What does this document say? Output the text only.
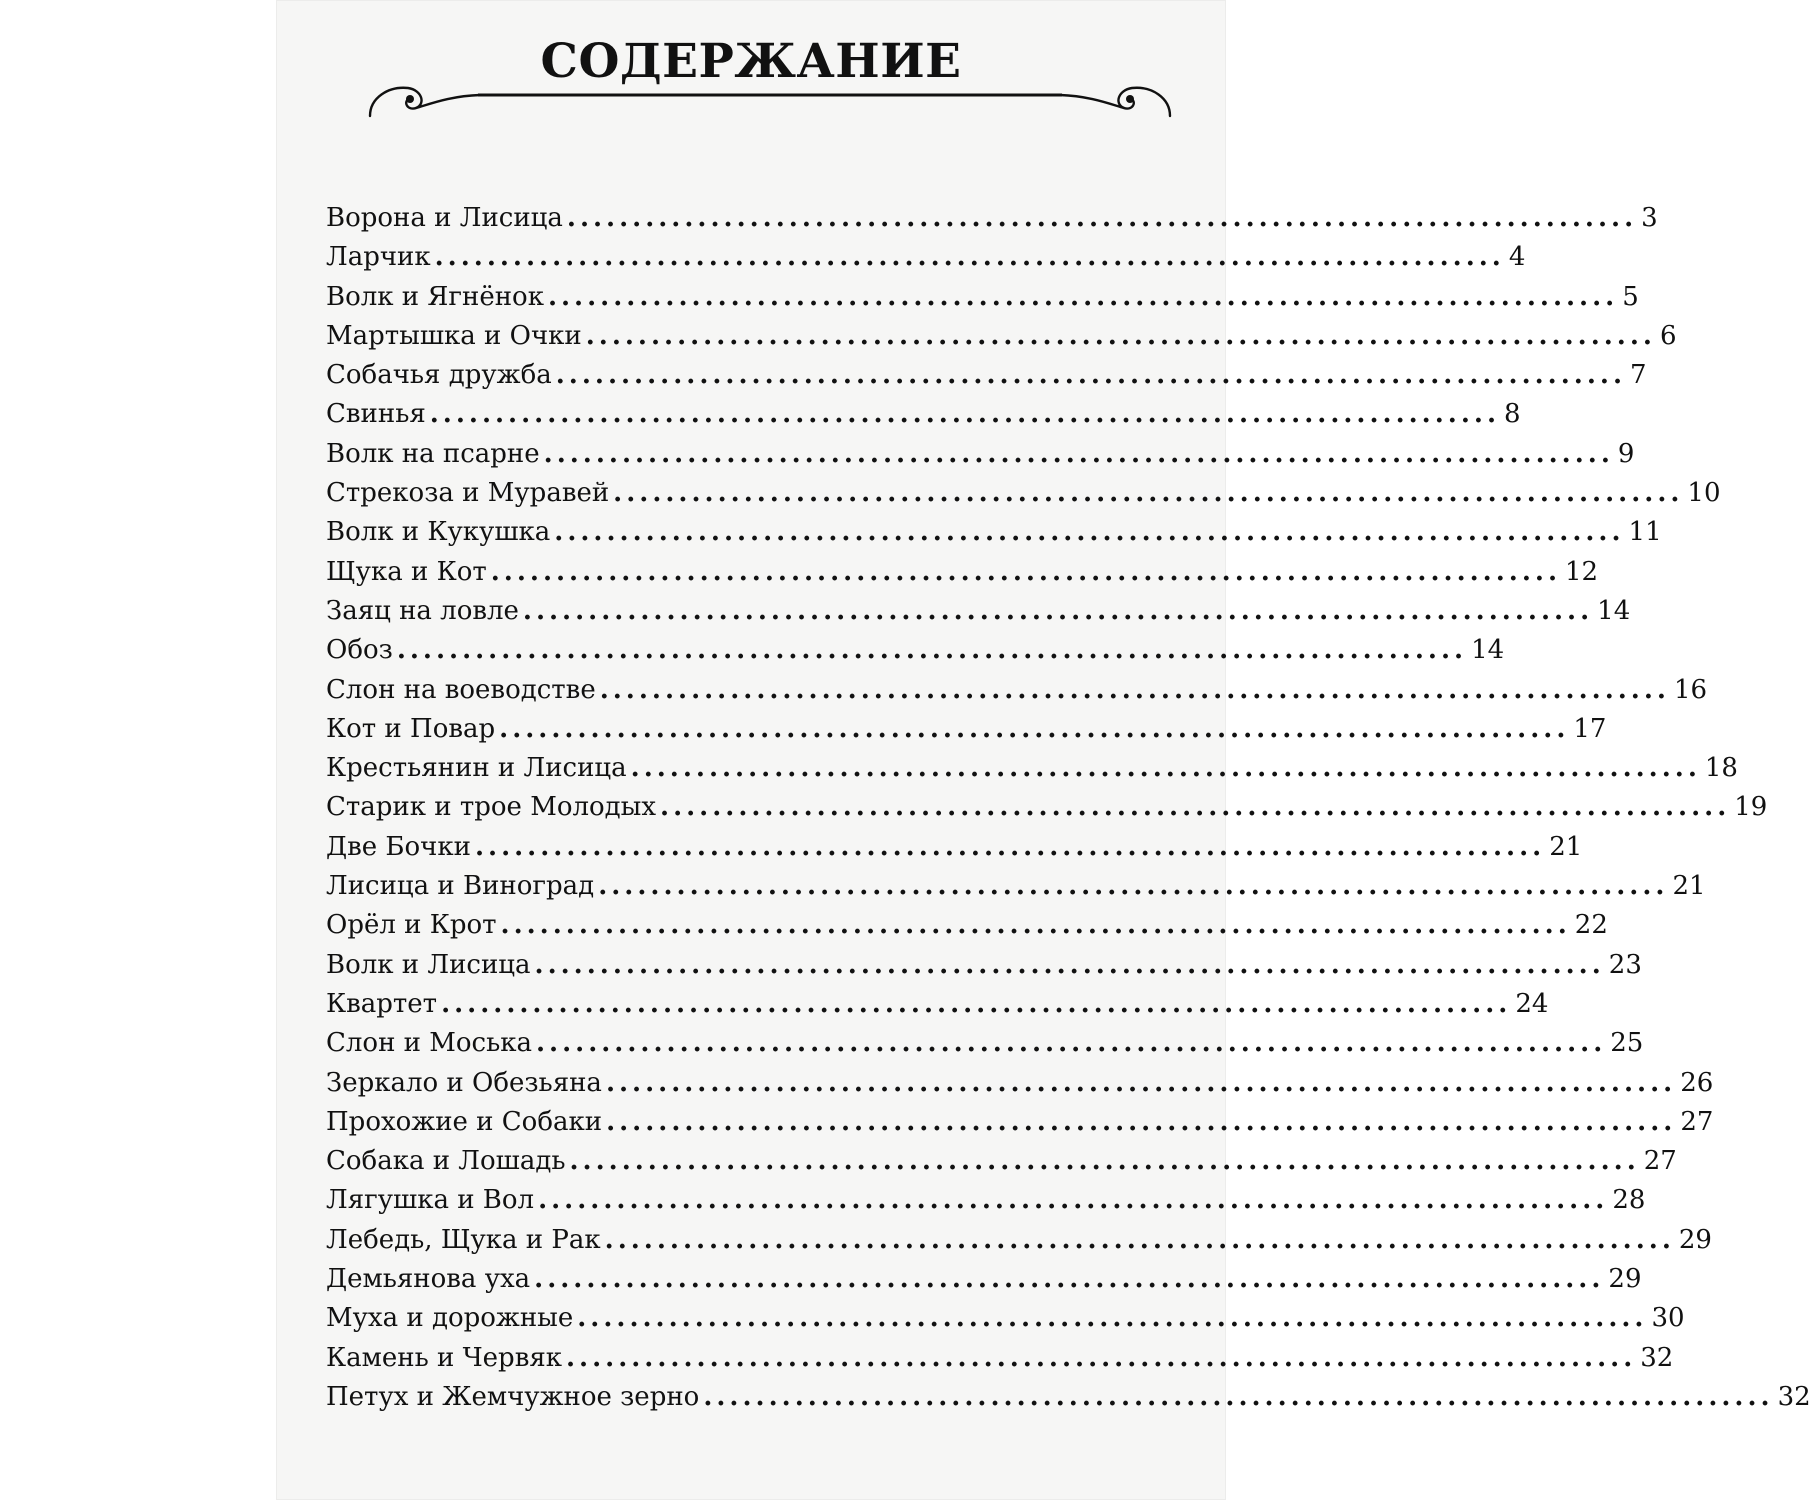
СОДЕРЖАНИЕ
Ворона и Лисица .................................................................................. 3
Ларчик .................................................................................. 4
Волк и Ягнёнок .................................................................................. 5
Мартышка и Очки .................................................................................. 6
Собачья дружба .................................................................................. 7
Свинья .................................................................................. 8
Волк на псарне .................................................................................. 9
Стрекоза и Муравей .................................................................................. 10
Волк и Кукушка .................................................................................. 11
Щука и Кот .................................................................................. 12
Заяц на ловле .................................................................................. 14
Обоз .................................................................................. 14
Слон на воеводстве .................................................................................. 16
Кот и Повар .................................................................................. 17
Крестьянин и Лисица .................................................................................. 18
Старик и трое Молодых .................................................................................. 19
Две Бочки .................................................................................. 21
Лисица и Виноград .................................................................................. 21
Орёл и Крот .................................................................................. 22
Волк и Лисица .................................................................................. 23
Квартет .................................................................................. 24
Слон и Моська .................................................................................. 25
Зеркало и Обезьяна .................................................................................. 26
Прохожие и Собаки .................................................................................. 27
Собака и Лошадь .................................................................................. 27
Лягушка и Вол .................................................................................. 28
Лебедь, Щука и Рак .................................................................................. 29
Демьянова уха .................................................................................. 29
Муха и дорожные .................................................................................. 30
Камень и Червяк .................................................................................. 32
Петух и Жемчужное зерно .................................................................................. 32
